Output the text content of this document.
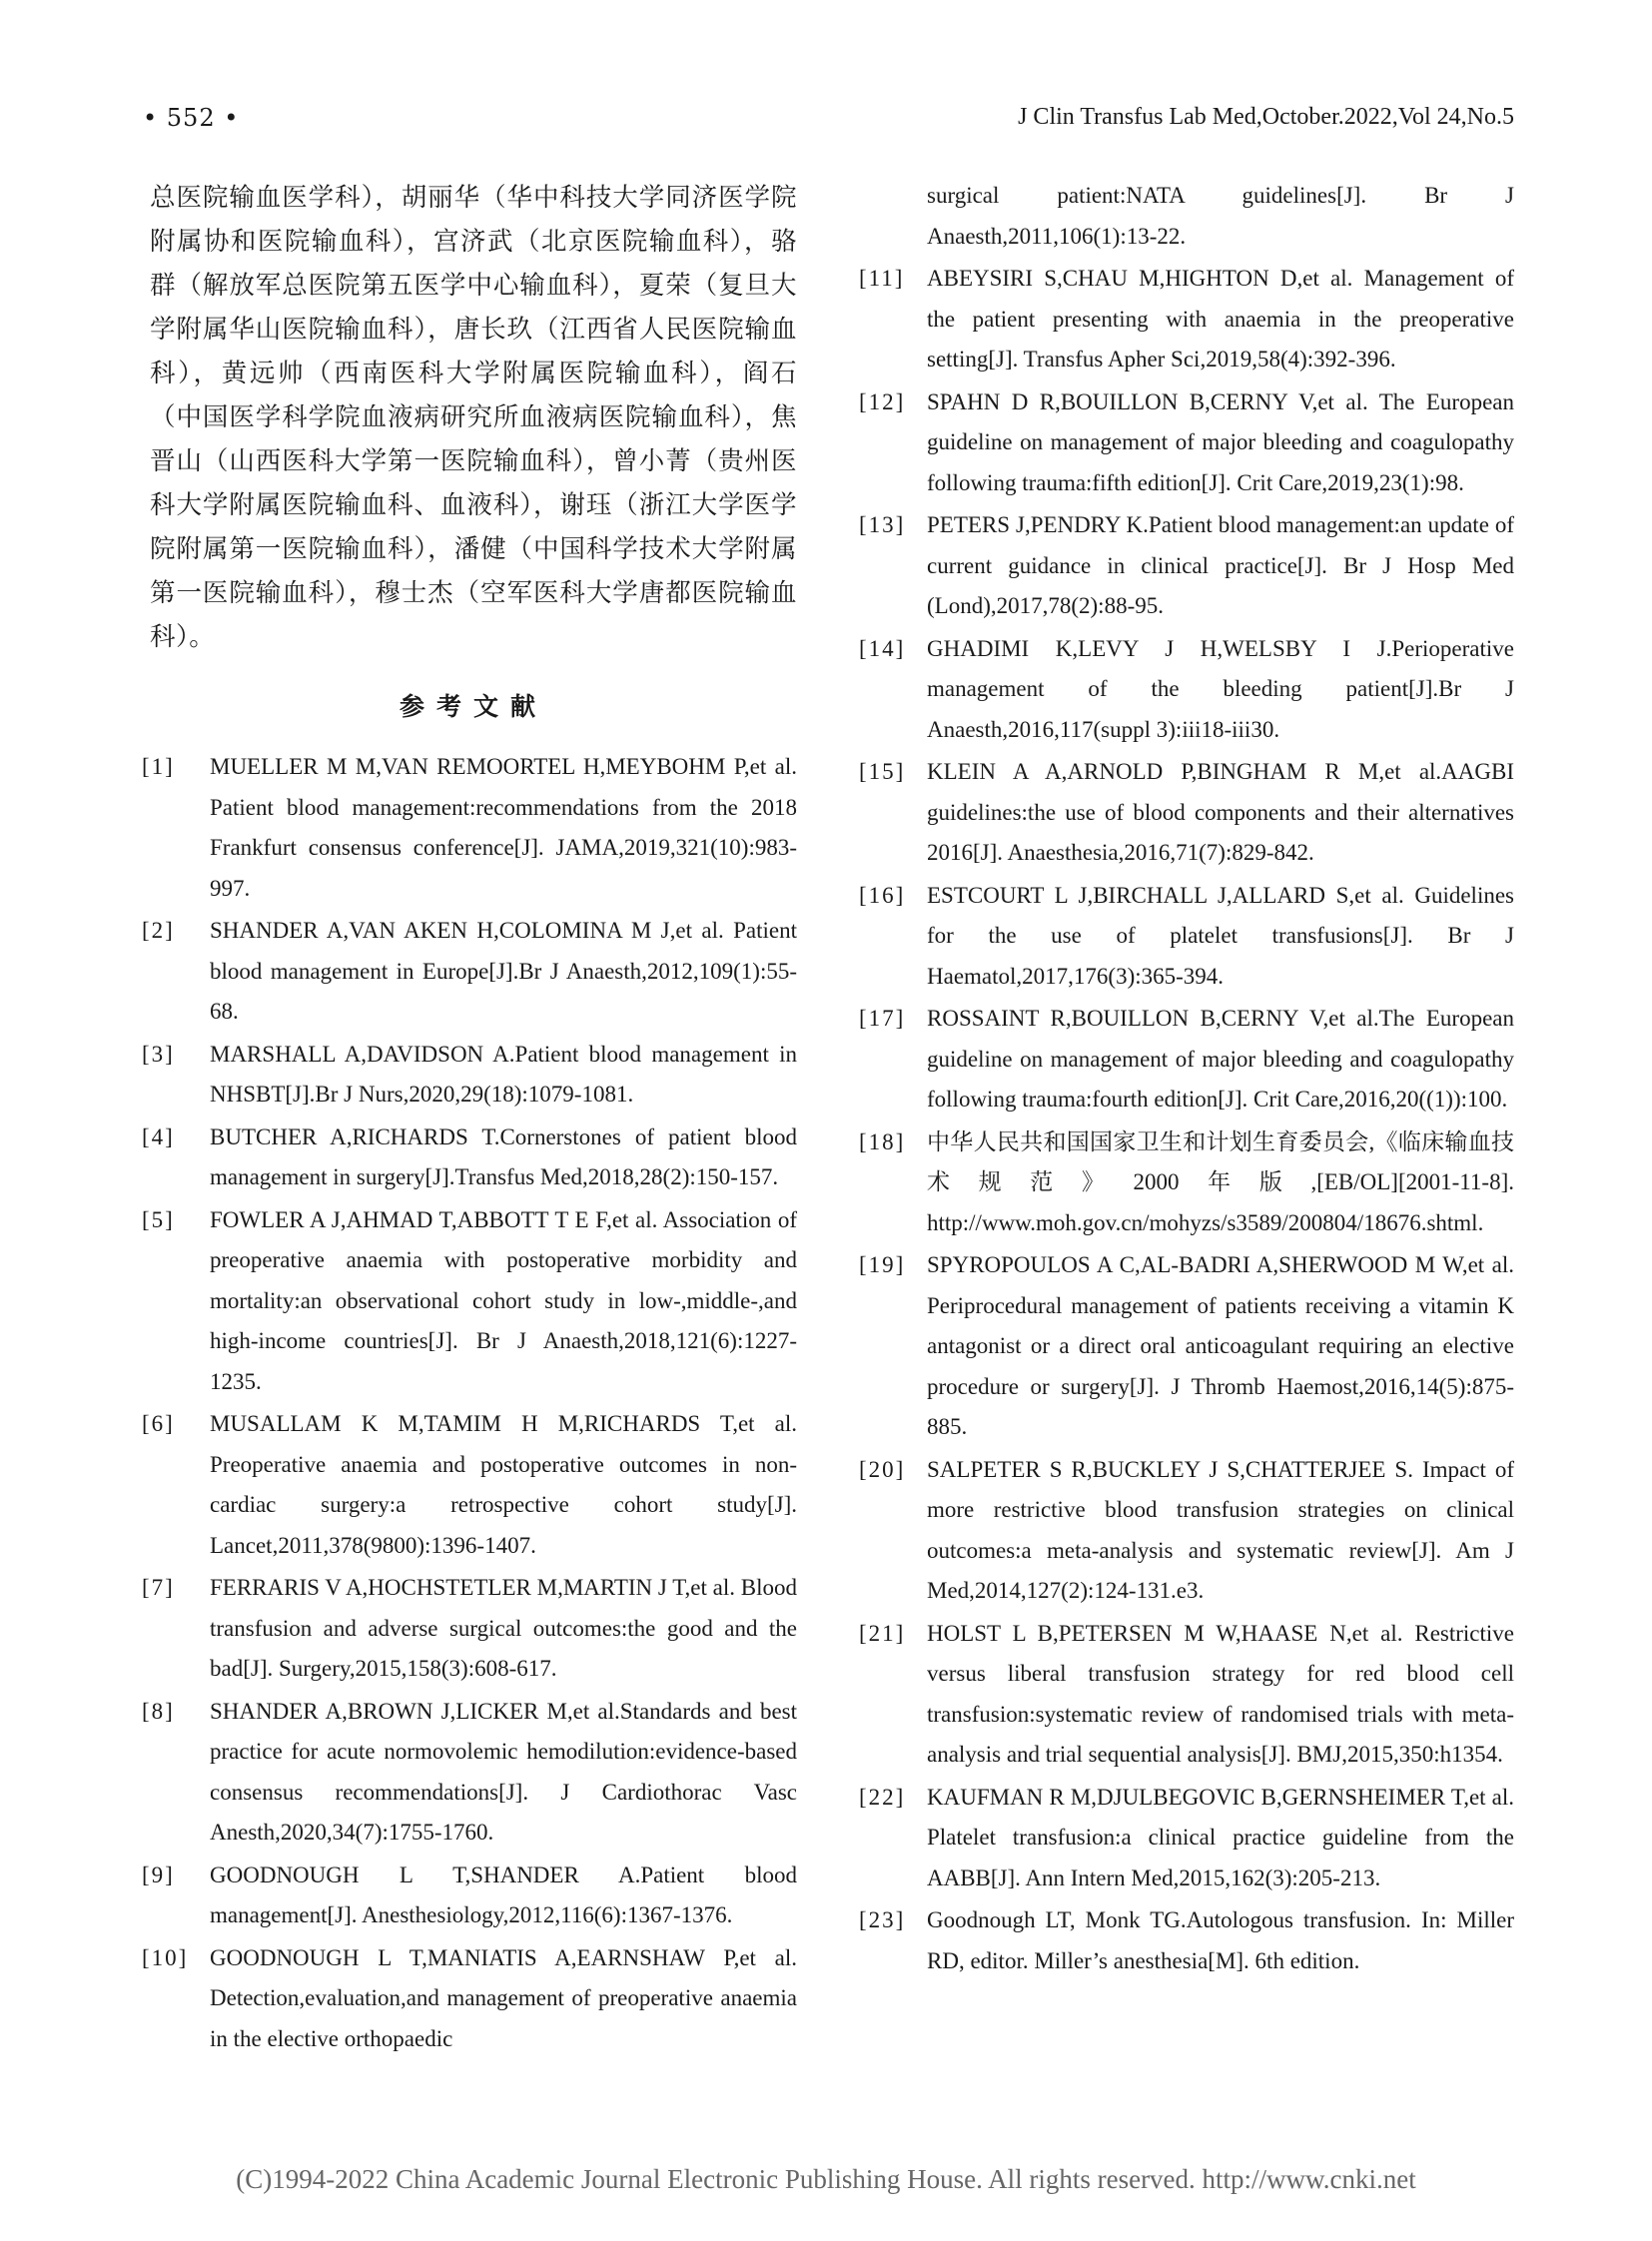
• 552 •	J Clin Transfus Lab Med,October.2022,Vol 24,No.5

总医院输血医学科），胡丽华（华中科技大学同济医学院附属协和医院输血科），宫济武（北京医院输血科），骆群（解放军总医院第五医学中心输血科），夏荣（复旦大学附属华山医院输血科），唐长玖（江西省人民医院输血科），黄远帅（西南医科大学附属医院输血科），阎石（中国医学科学院血液病研究所血液病医院输血科），焦晋山（山西医科大学第一医院输血科），曾小菁（贵州医科大学附属医院输血科、血液科），谢珏（浙江大学医学院附属第一医院输血科），潘健（中国科学技术大学附属第一医院输血科），穆士杰（空军医科大学唐都医院输血科）。

参考文献
[1]	MUELLER M M,VAN REMOORTEL H,MEYBOHM P,et al. Patient blood management:recommendations from the 2018 Frankfurt consensus conference[J]. JAMA,2019,321(10):983-997.
[2]	SHANDER A,VAN AKEN H,COLOMINA M J,et al. Patient blood management in Europe[J].Br J Anaesth,2012,109(1):55-68.
[3]	MARSHALL A,DAVIDSON A.Patient blood management in NHSBT[J].Br J Nurs,2020,29(18):1079-1081.
[4]	BUTCHER A,RICHARDS T.Cornerstones of patient blood management in surgery[J].Transfus Med,2018,28(2):150-157.
[5]	FOWLER A J,AHMAD T,ABBOTT T E F,et al. Association of preoperative anaemia with postoperative morbidity and mortality:an observational cohort study in low-,middle-,and high-income countries[J]. Br J Anaesth,2018,121(6):1227-1235.
[6]	MUSALLAM K M,TAMIM H M,RICHARDS T,et al. Preoperative anaemia and postoperative outcomes in non-cardiac surgery:a retrospective cohort study[J]. Lancet,2011,378(9800):1396-1407.
[7]	FERRARIS V A,HOCHSTETLER M,MARTIN J T,et al. Blood transfusion and adverse surgical outcomes:the good and the bad[J]. Surgery,2015,158(3):608-617.
[8]	SHANDER A,BROWN J,LICKER M,et al.Standards and best practice for acute normovolemic hemodilution:evidence-based consensus recommendations[J]. J Cardiothorac Vasc Anesth,2020,34(7):1755-1760.
[9]	GOODNOUGH L T,SHANDER A.Patient blood management[J]. Anesthesiology,2012,116(6):1367-1376.
[10] GOODNOUGH L T,MANIATIS A,EARNSHAW P,et al. Detection,evaluation,and management of preoperative anaemia in the elective orthopaedic
surgical patient:NATA guidelines[J]. Br J Anaesth,2011,106(1):13-22.
[11] ABEYSIRI S,CHAU M,HIGHTON D,et al. Management of the patient presenting with anaemia in the preoperative setting[J]. Transfus Apher Sci,2019,58(4):392-396.
[12] SPAHN D R,BOUILLON B,CERNY V,et al. The European guideline on management of major bleeding and coagulopathy following trauma:fifth edition[J]. Crit Care,2019,23(1):98.
[13] PETERS J,PENDRY K.Patient blood management:an update of current guidance in clinical practice[J]. Br J Hosp Med (Lond),2017,78(2):88-95.
[14] GHADIMI K,LEVY J H,WELSBY I J.Perioperative management of the bleeding patient[J].Br J Anaesth,2016,117(suppl 3):iii18-iii30.
[15] KLEIN A A,ARNOLD P,BINGHAM R M,et al.AAGBI guidelines:the use of blood components and their alternatives 2016[J]. Anaesthesia,2016,71(7):829-842.
[16] ESTCOURT L J,BIRCHALL J,ALLARD S,et al. Guidelines for the use of platelet transfusions[J]. Br J Haematol,2017,176(3):365-394.
[17] ROSSAINT R,BOUILLON B,CERNY V,et al.The European guideline on management of major bleeding and coagulopathy following trauma:fourth edition[J]. Crit Care,2016,20((1)):100.
[18] 中华人民共和国国家卫生和计划生育委员会,《临床输血技术规范》2000年版,[EB/OL][2001-11-8]. http://www.moh.gov.cn/mohyzs/s3589/200804/18676.shtml.
[19] SPYROPOULOS A C,AL-BADRI A,SHERWOOD M W,et al. Periprocedural management of patients receiving a vitamin K antagonist or a direct oral anticoagulant requiring an elective procedure or surgery[J]. J Thromb Haemost,2016,14(5):875-885.
[20] SALPETER S R,BUCKLEY J S,CHATTERJEE S. Impact of more restrictive blood transfusion strategies on clinical outcomes:a meta-analysis and systematic review[J]. Am J Med,2014,127(2):124-131.e3.
[21] HOLST L B,PETERSEN M W,HAASE N,et al. Restrictive versus liberal transfusion strategy for red blood cell transfusion:systematic review of randomised trials with meta-analysis and trial sequential analysis[J]. BMJ,2015,350:h1354.
[22] KAUFMAN R M,DJULBEGOVIC B,GERNSHEIMER T,et al. Platelet transfusion:a clinical practice guideline from the AABB[J]. Ann Intern Med,2015,162(3):205-213.
[23] Goodnough LT, Monk TG.Autologous transfusion. In: Miller RD, editor. Miller’s anesthesia[M]. 6th edition.
(C)1994-2022 China Academic Journal Electronic Publishing House. All rights reserved. http://www.cnki.net
